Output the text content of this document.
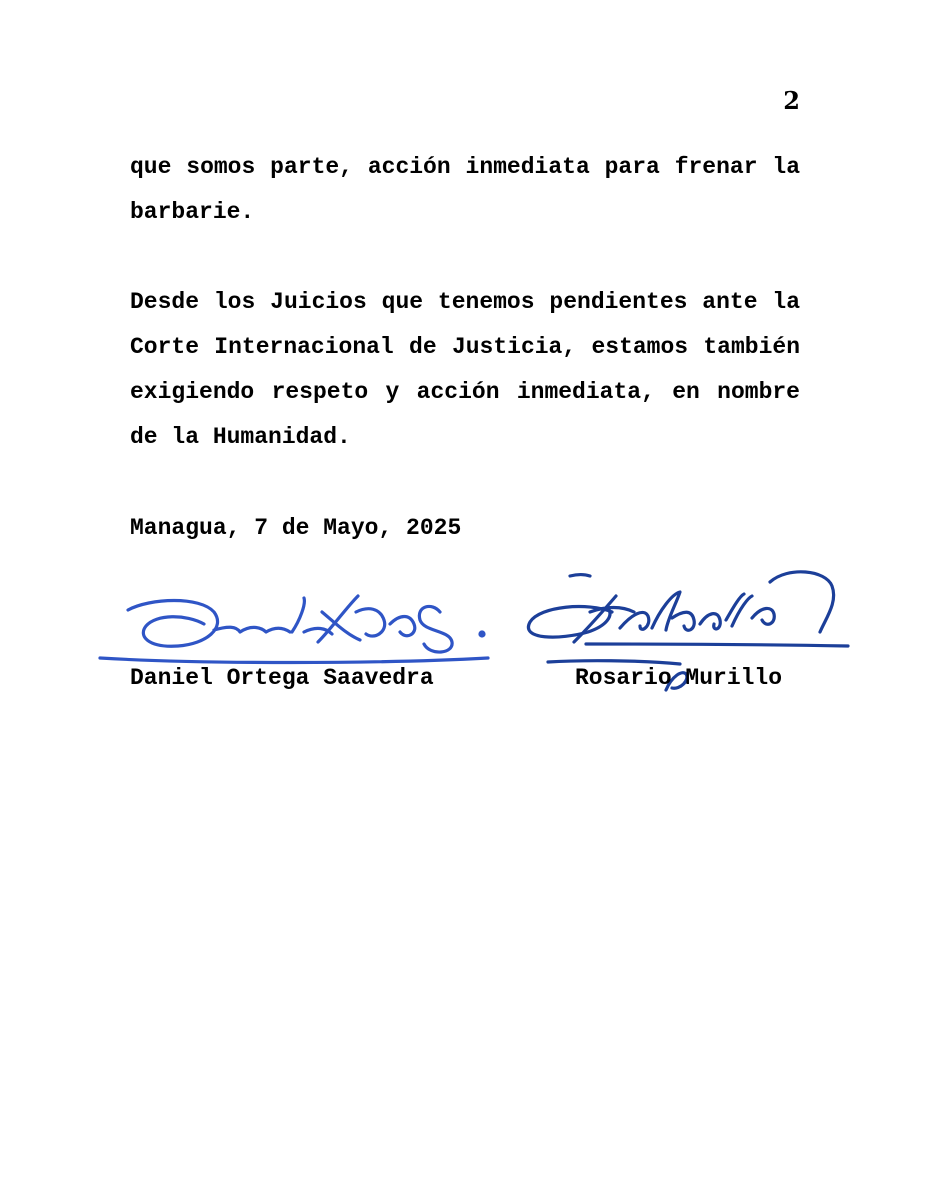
2

que somos parte, acción inmediata para frenar la barbarie.

Desde los Juicios que tenemos pendientes ante la Corte Internacional de Justicia, estamos también exigiendo respeto y acción inmediata, en nombre de la Humanidad.

Managua, 7 de Mayo, 2025
Daniel Ortega Saavedra	Rosario Murillo
